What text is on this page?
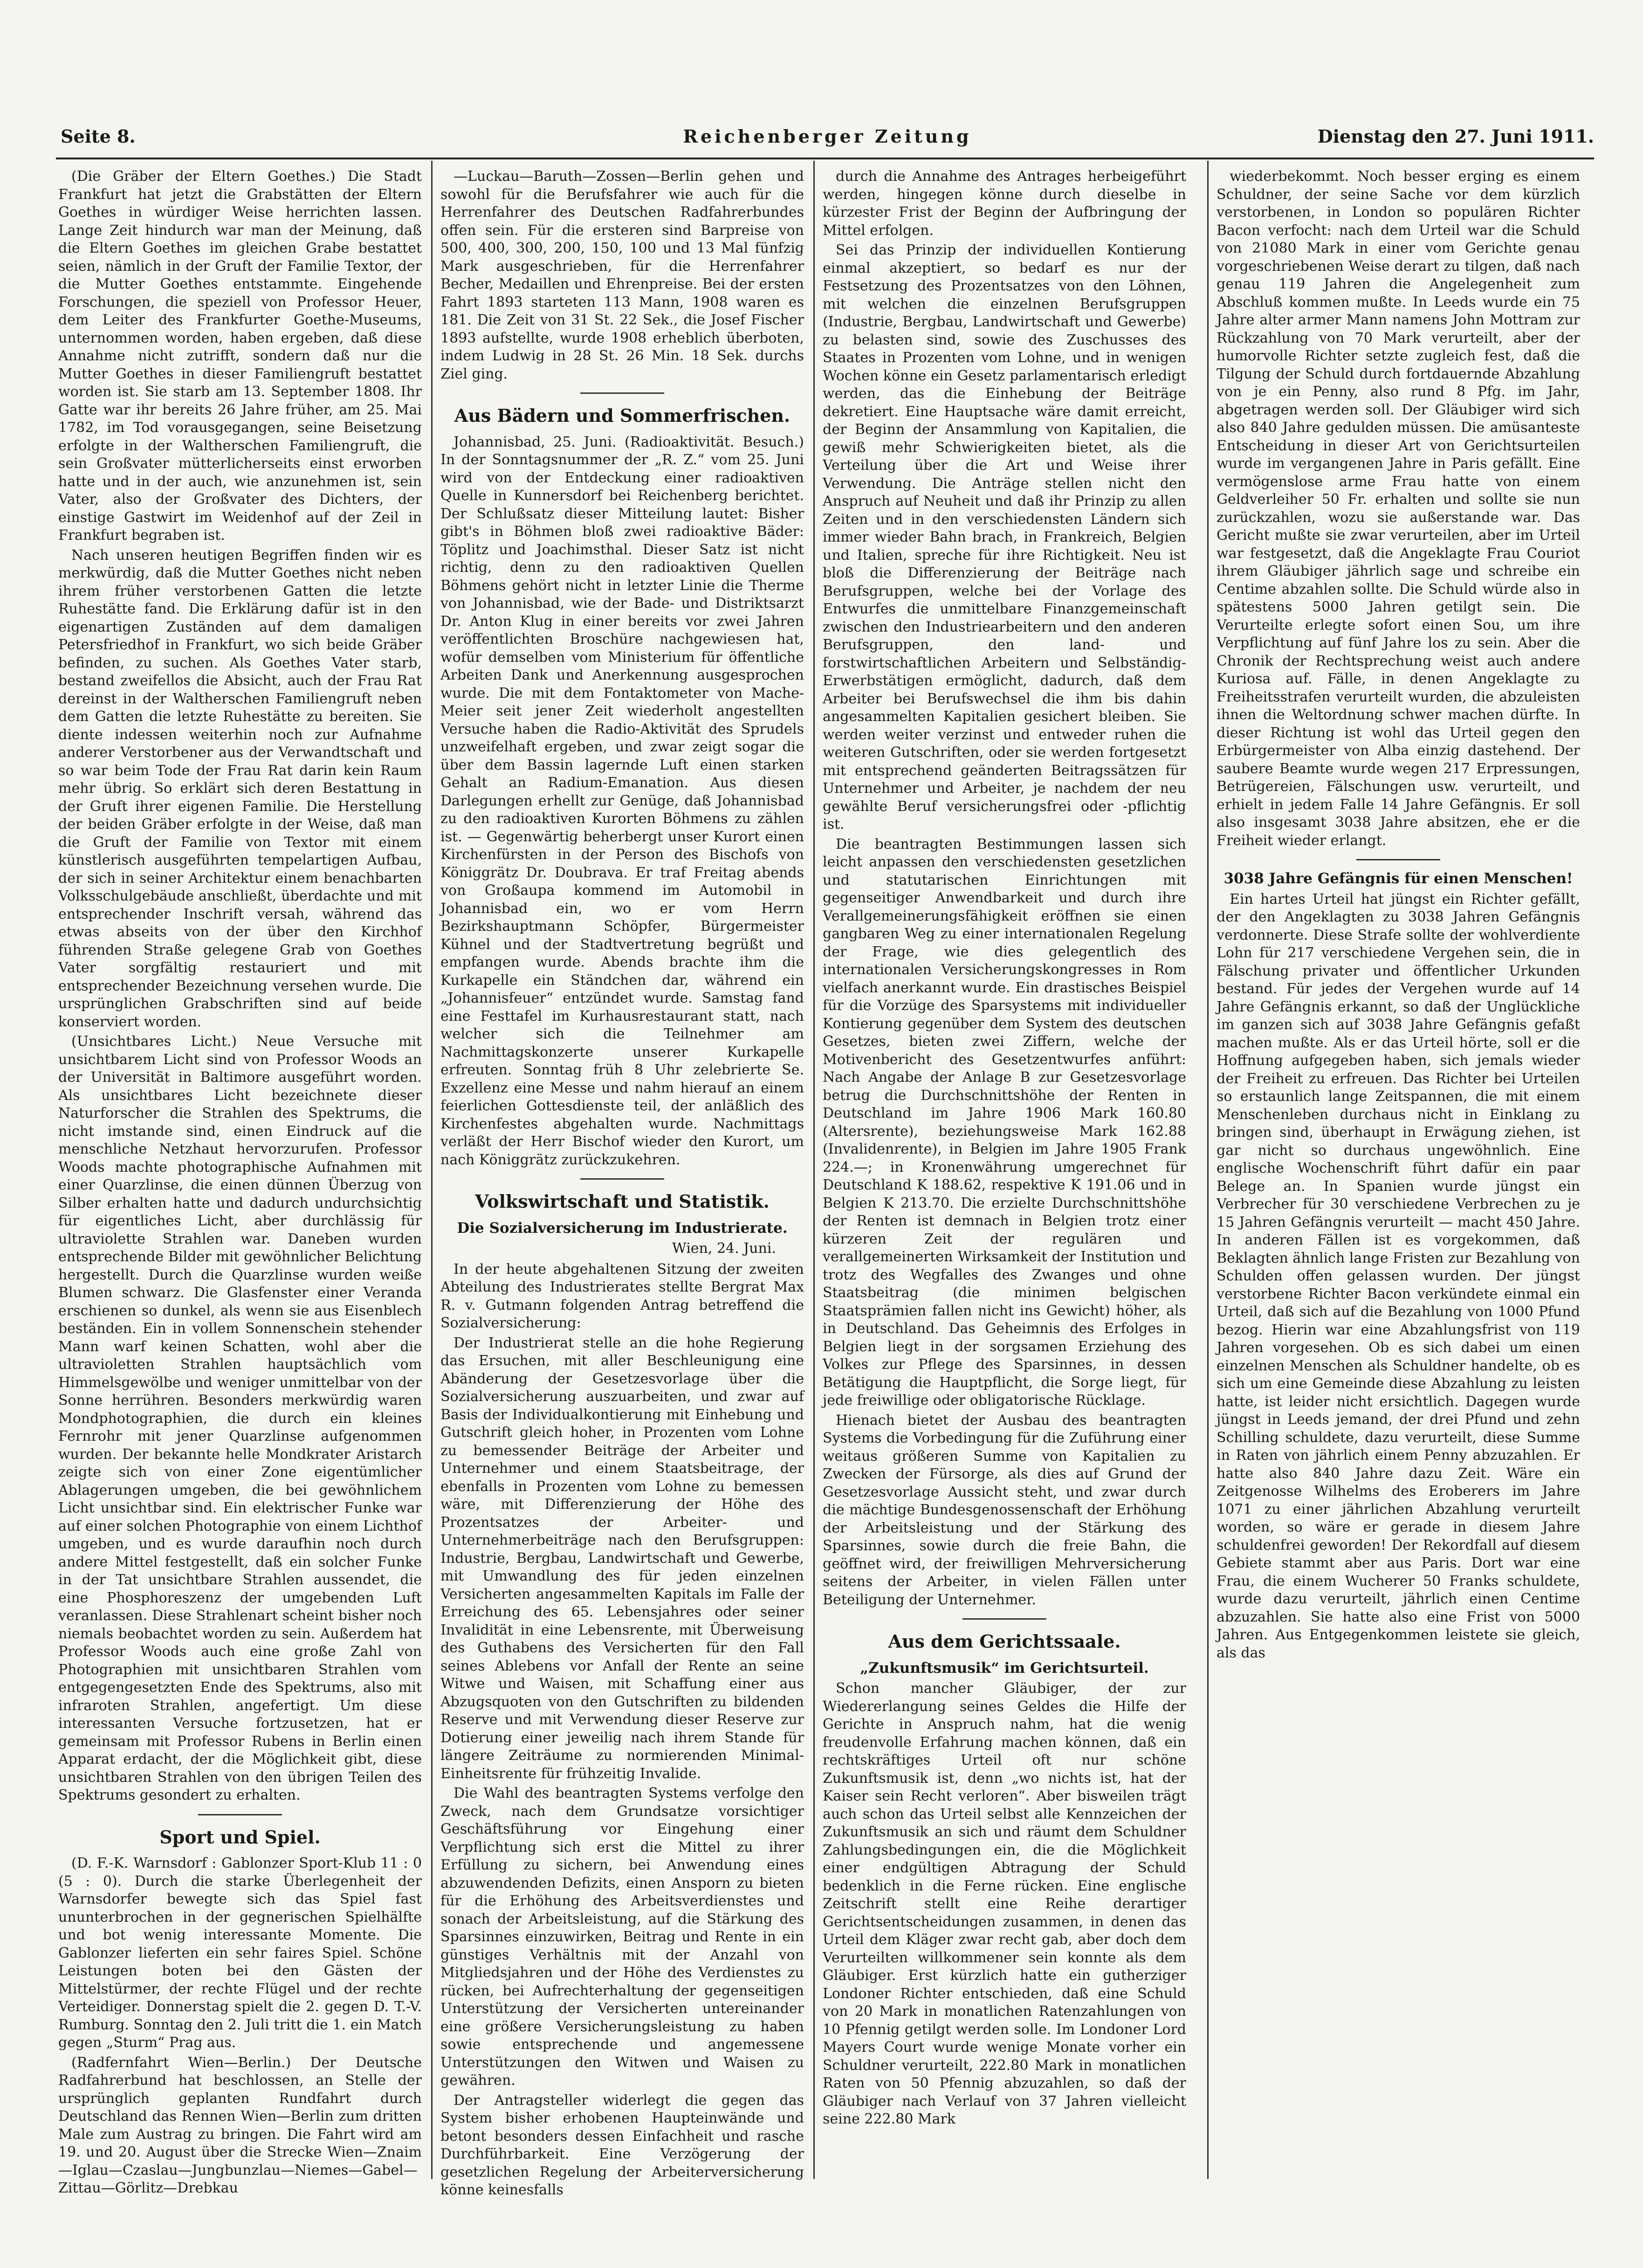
Seite 8.	Reichenberger Zeitung	Dienstag den 27. Juni 1911.

(Die Gräber der Eltern Goethes.) Die Stadt Frankfurt hat jetzt die Grabstätten der Eltern Goethes in würdiger Weise herrichten lassen. Lange Zeit hindurch war man der Meinung, daß die Eltern Goethes im gleichen Grabe bestattet seien, nämlich in der Gruft der Familie Textor, der die Mutter Goethes entstammte. Eingehende Forschungen, die speziell von Professor Heuer, dem Leiter des Frankfurter Goethe-Museums, unternommen worden, haben ergeben, daß diese Annahme nicht zutrifft, sondern daß nur die Mutter Goethes in dieser Familiengruft bestattet worden ist. Sie starb am 13. September 1808. Ihr Gatte war ihr bereits 26 Jahre früher, am 25. Mai 1782, im Tod vorausgegangen, seine Beisetzung erfolgte in der Waltherschen Familiengruft, die sein Großvater mütterlicherseits einst erworben hatte und in der auch, wie anzunehmen ist, sein Vater, also der Großvater des Dichters, der einstige Gastwirt im Weidenhof auf der Zeil in Frankfurt begraben ist.

Nach unseren heutigen Begriffen finden wir es merkwürdig, daß die Mutter Goethes nicht neben ihrem früher verstorbenen Gatten die letzte Ruhestätte fand. Die Erklärung dafür ist in den eigenartigen Zuständen auf dem damaligen Petersfriedhof in Frankfurt, wo sich beide Gräber befinden, zu suchen. Als Goethes Vater starb, bestand zweifellos die Absicht, auch der Frau Rat dereinst in der Waltherschen Familiengruft neben dem Gatten die letzte Ruhestätte zu bereiten. Sie diente indessen weiterhin noch zur Aufnahme anderer Verstorbener aus der Verwandtschaft und so war beim Tode der Frau Rat darin kein Raum mehr übrig. So erklärt sich deren Bestattung in der Gruft ihrer eigenen Familie. Die Herstellung der beiden Gräber erfolgte in der Weise, daß man die Gruft der Familie von Textor mit einem künstlerisch ausgeführten tempelartigen Aufbau, der sich in seiner Architektur einem benachbarten Volksschulgebäude anschließt, überdachte und mit entsprechender Inschrift versah, während das etwas abseits von der über den Kirchhof führenden Straße gelegene Grab von Goethes Vater sorgfältig restauriert und mit entsprechender Bezeichnung versehen wurde. Die ursprünglichen Grabschriften sind auf beide konserviert worden.

(Unsichtbares Licht.) Neue Versuche mit unsichtbarem Licht sind von Professor Woods an der Universität in Baltimore ausgeführt worden. Als unsichtbares Licht bezeichnete dieser Naturforscher die Strahlen des Spektrums, die nicht imstande sind, einen Eindruck auf die menschliche Netzhaut hervorzurufen. Professor Woods machte photographische Aufnahmen mit einer Quarzlinse, die einen dünnen Überzug von Silber erhalten hatte und dadurch undurchsichtig für eigentliches Licht, aber durchlässig für ultraviolette Strahlen war. Daneben wurden entsprechende Bilder mit gewöhnlicher Belichtung hergestellt. Durch die Quarzlinse wurden weiße Blumen schwarz. Die Glasfenster einer Veranda erschienen so dunkel, als wenn sie aus Eisenblech beständen. Ein in vollem Sonnenschein stehender Mann warf keinen Schatten, wohl aber die ultravioletten Strahlen hauptsächlich vom Himmelsgewölbe und weniger unmittelbar von der Sonne herrühren. Besonders merkwürdig waren Mondphotographien, die durch ein kleines Fernrohr mit jener Quarzlinse aufgenommen wurden. Der bekannte helle Mondkrater Aristarch zeigte sich von einer Zone eigentümlicher Ablagerungen umgeben, die bei gewöhnlichem Licht unsichtbar sind. Ein elektrischer Funke war auf einer solchen Photographie von einem Lichthof umgeben, und es wurde daraufhin noch durch andere Mittel festgestellt, daß ein solcher Funke in der Tat unsichtbare Strahlen aussendet, die eine Phosphoreszenz der umgebenden Luft veranlassen. Diese Strahlenart scheint bisher noch niemals beobachtet worden zu sein. Außerdem hat Professor Woods auch eine große Zahl von Photographien mit unsichtbaren Strahlen vom entgegengesetzten Ende des Spektrums, also mit infraroten Strahlen, angefertigt. Um diese interessanten Versuche fortzusetzen, hat er gemeinsam mit Professor Rubens in Berlin einen Apparat erdacht, der die Möglichkeit gibt, diese unsichtbaren Strahlen von den übrigen Teilen des Spektrums gesondert zu erhalten.

Sport und Spiel.

(D. F.-K. Warnsdorf : Gablonzer Sport-Klub 11 : 0 (5 : 0). Durch die starke Überlegenheit der Warnsdorfer bewegte sich das Spiel fast ununterbrochen in der gegnerischen Spielhälfte und bot wenig interessante Momente. Die Gablonzer lieferten ein sehr faires Spiel. Schöne Leistungen boten bei den Gästen der Mittelstürmer, der rechte Flügel und der rechte Verteidiger. Donnerstag spielt die 2. gegen D. T.-V. Rumburg. Sonntag den 2. Juli tritt die 1. ein Match gegen „Sturm“ Prag aus.

(Radfernfahrt Wien—Berlin.) Der Deutsche Radfahrerbund hat beschlossen, an Stelle der ursprünglich geplanten Rundfahrt durch Deutschland das Rennen Wien—Berlin zum dritten Male zum Austrag zu bringen. Die Fahrt wird am 19. und 20. August über die Strecke Wien—Znaim—Iglau—Czaslau—Jungbunzlau—Niemes—Gabel—Zittau—Görlitz—Drebkau

—Luckau—Baruth—Zossen—Berlin gehen und sowohl für die Berufsfahrer wie auch für die Herrenfahrer des Deutschen Radfahrerbundes offen sein. Für die ersteren sind Barpreise von 500, 400, 300, 200, 150, 100 und 13 Mal fünfzig Mark ausgeschrieben, für die Herrenfahrer Becher, Medaillen und Ehrenpreise. Bei der ersten Fahrt 1893 starteten 113 Mann, 1908 waren es 181. Die Zeit von 31 St. 22 Sek., die Josef Fischer 1893 aufstellte, wurde 1908 erheblich überboten, indem Ludwig in 28 St. 26 Min. 18 Sek. durchs Ziel ging.

Aus Bädern und Sommerfrischen.

Johannisbad, 25. Juni. (Radioaktivität. Besuch.) In der Sonntagsnummer der „R. Z.“ vom 25. Juni wird von der Entdeckung einer radioaktiven Quelle in Kunnersdorf bei Reichenberg berichtet. Der Schlußsatz dieser Mitteilung lautet: Bisher gibt's in Böhmen bloß zwei radioaktive Bäder: Töplitz und Joachimsthal. Dieser Satz ist nicht richtig, denn zu den radioaktiven Quellen Böhmens gehört nicht in letzter Linie die Therme von Johannisbad, wie der Bade- und Distriktsarzt Dr. Anton Klug in einer bereits vor zwei Jahren veröffentlichten Broschüre nachgewiesen hat, wofür demselben vom Ministerium für öffentliche Arbeiten Dank und Anerkennung ausgesprochen wurde. Die mit dem Fontaktometer von Mache-Meier seit jener Zeit wiederholt angestellten Versuche haben die Radio-Aktivität des Sprudels unzweifelhaft ergeben, und zwar zeigt sogar die über dem Bassin lagernde Luft einen starken Gehalt an Radium-Emanation. Aus diesen Darlegungen erhellt zur Genüge, daß Johannisbad zu den radioaktiven Kurorten Böhmens zu zählen ist. — Gegenwärtig beherbergt unser Kurort einen Kirchenfürsten in der Person des Bischofs von Königgrätz Dr. Doubrava. Er traf Freitag abends von Großaupa kommend im Automobil in Johannisbad ein, wo er vom Herrn Bezirkshauptmann Schöpfer, Bürgermeister Kühnel und der Stadtvertretung begrüßt und empfangen wurde. Abends brachte ihm die Kurkapelle ein Ständchen dar, während ein „Johannisfeuer“ entzündet wurde. Samstag fand eine Festtafel im Kurhausrestaurant statt, nach welcher sich die Teilnehmer am Nachmittagskonzerte unserer Kurkapelle erfreuten. Sonntag früh 8 Uhr zelebrierte Se. Exzellenz eine Messe und nahm hierauf an einem feierlichen Gottesdienste teil, der anläßlich des Kirchenfestes abgehalten wurde. Nachmittags verläßt der Herr Bischof wieder den Kurort, um nach Königgrätz zurückzukehren.

Volkswirtschaft und Statistik.
Die Sozialversicherung im Industrierate.

Wien, 24. Juni.

In der heute abgehaltenen Sitzung der zweiten Abteilung des Industrierates stellte Bergrat Max R. v. Gutmann folgenden Antrag betreffend die Sozialversicherung:

Der Industrierat stelle an die hohe Regierung das Ersuchen, mit aller Beschleunigung eine Abänderung der Gesetzesvorlage über die Sozialversicherung auszuarbeiten, und zwar auf Basis der Individualkontierung mit Einhebung und Gutschrift gleich hoher, in Prozenten vom Lohne zu bemessender Beiträge der Arbeiter und Unternehmer und einem Staatsbeitrage, der ebenfalls in Prozenten vom Lohne zu bemessen wäre, mit Differenzierung der Höhe des Prozentsatzes der Arbeiter- und Unternehmerbeiträge nach den Berufsgruppen: Industrie, Bergbau, Landwirtschaft und Gewerbe, mit Umwandlung des für jeden einzelnen Versicherten angesammelten Kapitals im Falle der Erreichung des 65. Lebensjahres oder seiner Invalidität in eine Lebensrente, mit Überweisung des Guthabens des Versicherten für den Fall seines Ablebens vor Anfall der Rente an seine Witwe und Waisen, mit Schaffung einer aus Abzugsquoten von den Gutschriften zu bildenden Reserve und mit Verwendung dieser Reserve zur Dotierung einer jeweilig nach ihrem Stande für längere Zeiträume zu normierenden Minimal-Einheitsrente für frühzeitig Invalide.

Die Wahl des beantragten Systems verfolge den Zweck, nach dem Grundsatze vorsichtiger Geschäftsführung vor Eingehung einer Verpflichtung sich erst die Mittel zu ihrer Erfüllung zu sichern, bei Anwendung eines abzuwendenden Defizits, einen Ansporn zu bieten für die Erhöhung des Arbeitsverdienstes und sonach der Arbeitsleistung, auf die Stärkung des Sparsinnes einzuwirken, Beitrag und Rente in ein günstiges Verhältnis mit der Anzahl von Mitgliedsjahren und der Höhe des Verdienstes zu rücken, bei Aufrechterhaltung der gegenseitigen Unterstützung der Versicherten untereinander eine größere Versicherungsleistung zu haben sowie entsprechende und angemessene Unterstützungen den Witwen und Waisen zu gewähren.

Der Antragsteller widerlegt die gegen das System bisher erhobenen Haupteinwände und betont besonders dessen Einfachheit und rasche Durchführbarkeit. Eine Verzögerung der gesetzlichen Regelung der Arbeiterversicherung könne keinesfalls

durch die Annahme des Antrages herbeigeführt werden, hingegen könne durch dieselbe in kürzester Frist der Beginn der Aufbringung der Mittel erfolgen.

Sei das Prinzip der individuellen Kontierung einmal akzeptiert, so bedarf es nur der Festsetzung des Prozentsatzes von den Löhnen, mit welchen die einzelnen Berufsgruppen (Industrie, Bergbau, Landwirtschaft und Gewerbe) zu belasten sind, sowie des Zuschusses des Staates in Prozenten vom Lohne, und in wenigen Wochen könne ein Gesetz parlamentarisch erledigt werden, das die Einhebung der Beiträge dekretiert. Eine Hauptsache wäre damit erreicht, der Beginn der Ansammlung von Kapitalien, die gewiß mehr Schwierigkeiten bietet, als die Verteilung über die Art und Weise ihrer Verwendung. Die Anträge stellen nicht den Anspruch auf Neuheit und daß ihr Prinzip zu allen Zeiten und in den verschiedensten Ländern sich immer wieder Bahn brach, in Frankreich, Belgien und Italien, spreche für ihre Richtigkeit. Neu ist bloß die Differenzierung der Beiträge nach Berufsgruppen, welche bei der Vorlage des Entwurfes die unmittelbare Finanzgemeinschaft zwischen den Industriearbeitern und den anderen Berufsgruppen, den land- und forstwirtschaftlichen Arbeitern und Selbständig-Erwerbstätigen ermöglicht, dadurch, daß dem Arbeiter bei Berufswechsel die ihm bis dahin angesammelten Kapitalien gesichert bleiben. Sie werden weiter verzinst und entweder ruhen die weiteren Gutschriften, oder sie werden fortgesetzt mit entsprechend geänderten Beitragssätzen für Unternehmer und Arbeiter, je nachdem der neu gewählte Beruf versicherungsfrei oder -pflichtig ist.

Die beantragten Bestimmungen lassen sich leicht anpassen den verschiedensten gesetzlichen und statutarischen Einrichtungen mit gegenseitiger Anwendbarkeit und durch ihre Verallgemeinerungsfähigkeit eröffnen sie einen gangbaren Weg zu einer internationalen Regelung der Frage, wie dies gelegentlich des internationalen Versicherungskongresses in Rom vielfach anerkannt wurde. Ein drastisches Beispiel für die Vorzüge des Sparsystems mit individueller Kontierung gegenüber dem System des deutschen Gesetzes, bieten zwei Ziffern, welche der Motivenbericht des Gesetzentwurfes anführt: Nach Angabe der Anlage B zur Gesetzesvorlage betrug die Durchschnittshöhe der Renten in Deutschland im Jahre 1906 Mark 160.80 (Altersrente), beziehungsweise Mark 162.88 (Invalidenrente), in Belgien im Jahre 1905 Frank 224.—; in Kronenwährung umgerechnet für Deutschland K 188.62, respektive K 191.06 und in Belgien K 213.70. Die erzielte Durchschnittshöhe der Renten ist demnach in Belgien trotz einer kürzeren Zeit der regulären und verallgemeinerten Wirksamkeit der Institution und trotz des Wegfalles des Zwanges und ohne Staatsbeitrag (die minimen belgischen Staatsprämien fallen nicht ins Gewicht) höher, als in Deutschland. Das Geheimnis des Erfolges in Belgien liegt in der sorgsamen Erziehung des Volkes zur Pflege des Sparsinnes, in dessen Betätigung die Hauptpflicht, die Sorge liegt, für jede freiwillige oder obligatorische Rücklage.

Hienach bietet der Ausbau des beantragten Systems die Vorbedingung für die Zuführung einer weitaus größeren Summe von Kapitalien zu Zwecken der Fürsorge, als dies auf Grund der Gesetzesvorlage Aussicht steht, und zwar durch die mächtige Bundesgenossenschaft der Erhöhung der Arbeitsleistung und der Stärkung des Sparsinnes, sowie durch die freie Bahn, die geöffnet wird, der freiwilligen Mehrversicherung seitens der Arbeiter, in vielen Fällen unter Beteiligung der Unternehmer.

Aus dem Gerichtssaale.
„Zukunftsmusik“ im Gerichtsurteil.

Schon mancher Gläubiger, der zur Wiedererlangung seines Geldes die Hilfe der Gerichte in Anspruch nahm, hat die wenig freudenvolle Erfahrung machen können, daß ein rechtskräftiges Urteil oft nur schöne Zukunftsmusik ist, denn „wo nichts ist, hat der Kaiser sein Recht verloren“. Aber bisweilen trägt auch schon das Urteil selbst alle Kennzeichen der Zukunftsmusik an sich und räumt dem Schuldner Zahlungsbedingungen ein, die die Möglichkeit einer endgültigen Abtragung der Schuld bedenklich in die Ferne rücken. Eine englische Zeitschrift stellt eine Reihe derartiger Gerichtsentscheidungen zusammen, in denen das Urteil dem Kläger zwar recht gab, aber doch dem Verurteilten willkommener sein konnte als dem Gläubiger. Erst kürzlich hatte ein gutherziger Londoner Richter entschieden, daß eine Schuld von 20 Mark in monatlichen Ratenzahlungen von 10 Pfennig getilgt werden solle. Im Londoner Lord Mayers Court wurde wenige Monate vorher ein Schuldner verurteilt, 222.80 Mark in monatlichen Raten von 50 Pfennig abzuzahlen, so daß der Gläubiger nach Verlauf von 37 Jahren vielleicht seine 222.80 Mark

wiederbekommt. Noch besser erging es einem Schuldner, der seine Sache vor dem kürzlich verstorbenen, in London so populären Richter Bacon verfocht: nach dem Urteil war die Schuld von 21080 Mark in einer vom Gerichte genau vorgeschriebenen Weise derart zu tilgen, daß nach genau 119 Jahren die Angelegenheit zum Abschluß kommen mußte. In Leeds wurde ein 75 Jahre alter armer Mann namens John Mottram zur Rückzahlung von 70 Mark verurteilt, aber der humorvolle Richter setzte zugleich fest, daß die Tilgung der Schuld durch fortdauernde Abzahlung von je ein Penny, also rund 8 Pfg. im Jahr, abgetragen werden soll. Der Gläubiger wird sich also 840 Jahre gedulden müssen. Die amüsanteste Entscheidung in dieser Art von Gerichtsurteilen wurde im vergangenen Jahre in Paris gefällt. Eine vermögenslose arme Frau hatte von einem Geldverleiher 50 Fr. erhalten und sollte sie nun zurückzahlen, wozu sie außerstande war. Das Gericht mußte sie zwar verurteilen, aber im Urteil war festgesetzt, daß die Angeklagte Frau Couriot ihrem Gläubiger jährlich sage und schreibe ein Centime abzahlen sollte. Die Schuld würde also in spätestens 5000 Jahren getilgt sein. Die Verurteilte erlegte sofort einen Sou, um ihre Verpflichtung auf fünf Jahre los zu sein. Aber die Chronik der Rechtsprechung weist auch andere Kuriosa auf. Fälle, in denen Angeklagte zu Freiheitsstrafen verurteilt wurden, die abzuleisten ihnen die Weltordnung schwer machen dürfte. In dieser Richtung ist wohl das Urteil gegen den Erbürgermeister von Alba einzig dastehend. Der saubere Beamte wurde wegen 217 Erpressungen, Betrügereien, Fälschungen usw. verurteilt, und erhielt in jedem Falle 14 Jahre Gefängnis. Er soll also insgesamt 3038 Jahre absitzen, ehe er die Freiheit wieder erlangt.

3038 Jahre Gefängnis für einen Menschen!

Ein hartes Urteil hat jüngst ein Richter gefällt, der den Angeklagten zu 3038 Jahren Gefängnis verdonnerte. Diese Strafe sollte der wohlverdiente Lohn für 217 verschiedene Vergehen sein, die in Fälschung privater und öffentlicher Urkunden bestand. Für jedes der Vergehen wurde auf 14 Jahre Gefängnis erkannt, so daß der Unglückliche im ganzen sich auf 3038 Jahre Gefängnis gefaßt machen mußte. Als er das Urteil hörte, soll er die Hoffnung aufgegeben haben, sich jemals wieder der Freiheit zu erfreuen. Das Richter bei Urteilen so erstaunlich lange Zeitspannen, die mit einem Menschenleben durchaus nicht in Einklang zu bringen sind, überhaupt in Erwägung ziehen, ist gar nicht so durchaus ungewöhnlich. Eine englische Wochenschrift führt dafür ein paar Belege an. In Spanien wurde jüngst ein Verbrecher für 30 verschiedene Verbrechen zu je 15 Jahren Gefängnis verurteilt — macht 450 Jahre. In anderen Fällen ist es vorgekommen, daß Beklagten ähnlich lange Fristen zur Bezahlung von Schulden offen gelassen wurden. Der jüngst verstorbene Richter Bacon verkündete einmal ein Urteil, daß sich auf die Bezahlung von 1000 Pfund bezog. Hierin war eine Abzahlungsfrist von 119 Jahren vorgesehen. Ob es sich dabei um einen einzelnen Menschen als Schuldner handelte, ob es sich um eine Gemeinde diese Abzahlung zu leisten hatte, ist leider nicht ersichtlich. Dagegen wurde jüngst in Leeds jemand, der drei Pfund und zehn Schilling schuldete, dazu verurteilt, diese Summe in Raten von jährlich einem Penny abzuzahlen. Er hatte also 840 Jahre dazu Zeit. Wäre ein Zeitgenosse Wilhelms des Eroberers im Jahre 1071 zu einer jährlichen Abzahlung verurteilt worden, so wäre er gerade in diesem Jahre schuldenfrei geworden! Der Rekordfall auf diesem Gebiete stammt aber aus Paris. Dort war eine Frau, die einem Wucherer 50 Franks schuldete, wurde dazu verurteilt, jährlich einen Centime abzuzahlen. Sie hatte also eine Frist von 5000 Jahren. Aus Entgegenkommen leistete sie gleich, als das
